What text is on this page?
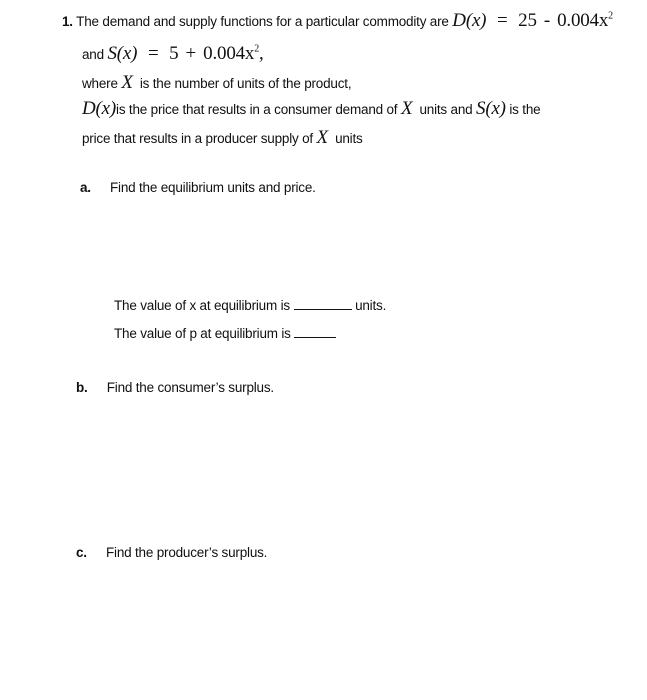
1. The demand and supply functions for a particular commodity are $D(x) = 25 - 0.004x^2$
and $S(x) = 5 + 0.004x^2$,
where X is the number of units of the product,
D(x)is the price that results in a consumer demand of X units and S(x) is the
price that results in a producer supply of X units
a. Find the equilibrium units and price.
The value of x at equilibrium is	units.
The value of p at equilibrium is
b. Find the consumer’s surplus.
c. Find the producer’s surplus.
